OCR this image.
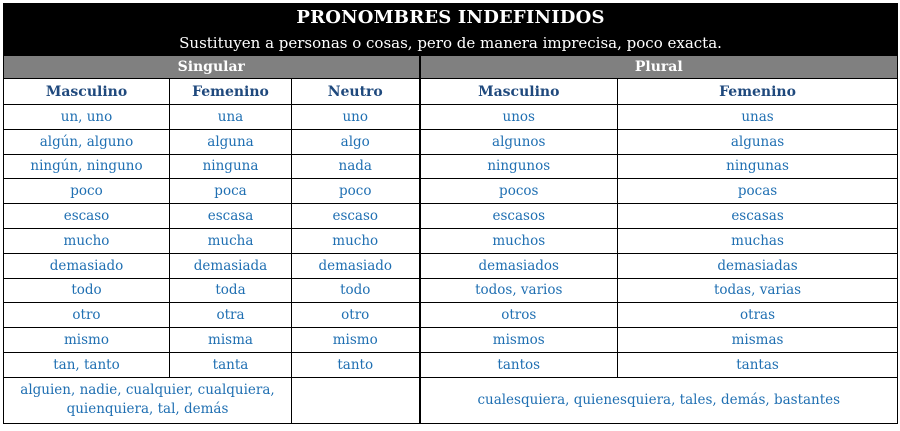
PRONOMBRES INDEFINIDOS				
Sustituyen a personas o cosas, pero de manera imprecisa, poco exacta.				
Singular			Plural	
Masculino	Femenino	Neutro	Masculino	Femenino
un, uno	una	uno	unos	unas
algún, alguno	alguna	algo	algunos	algunas
ningún, ninguno	ninguna	nada	ningunos	ningunas
poco	poca	poco	pocos	pocas
escaso	escasa	escaso	escasos	escasas
mucho	mucha	mucho	muchos	muchas
demasiado	demasiada	demasiado	demasiados	demasiadas
todo	toda	todo	todos, varios	todas, varias
otro	otra	otro	otros	otras
mismo	misma	mismo	mismos	mismas
tan, tanto	tanta	tanto	tantos	tantas
alguien, nadie, cualquier, cualquiera,
quienquiera, tal, demás			cualesquiera, quienesquiera, tales, demás, bastantes	
